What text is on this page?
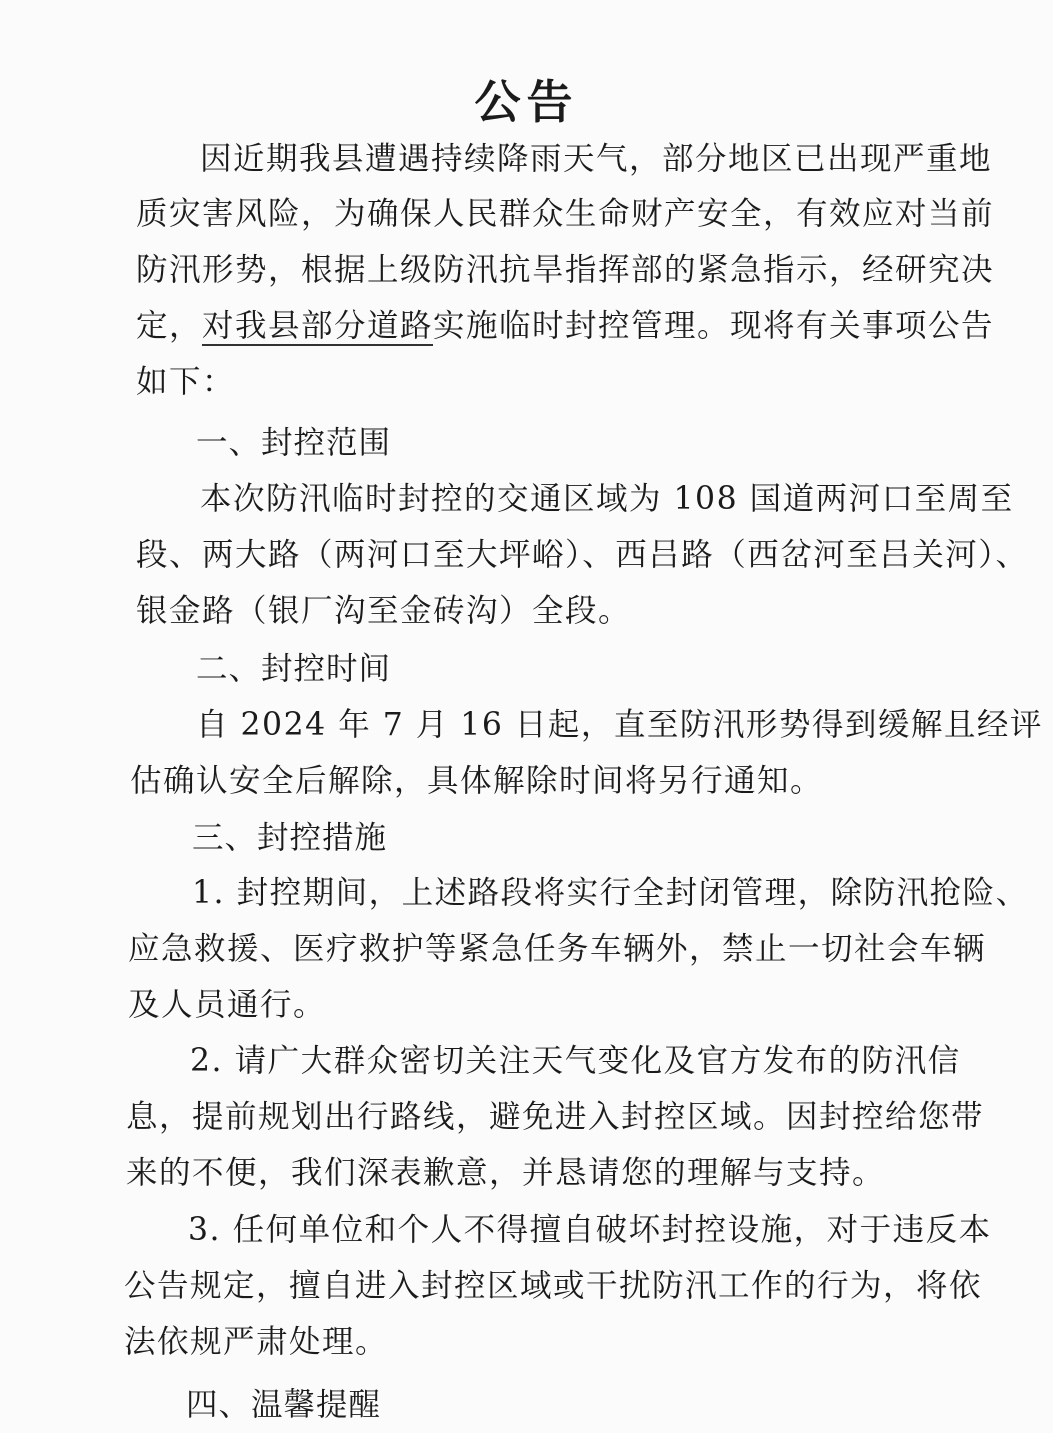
公告
因近期我县遭遇持续降雨天气，部分地区已出现严重地
质灾害风险，为确保人民群众生命财产安全，有效应对当前
防汛形势，根据上级防汛抗旱指挥部的紧急指示，经研究决
定，对我县部分道路实施临时封控管理。现将有关事项公告
如下：
一、封控范围
本次防汛临时封控的交通区域为 108 国道两河口至周至
段、两大路（两河口至大坪峪）、西吕路（西岔河至吕关河）、
银金路（银厂沟至金砖沟）全段。
二、封控时间
自 2024 年 7 月 16 日起，直至防汛形势得到缓解且经评
估确认安全后解除，具体解除时间将另行通知。
三、封控措施
1. 封控期间，上述路段将实行全封闭管理，除防汛抢险、
应急救援、医疗救护等紧急任务车辆外，禁止一切社会车辆
及人员通行。
2. 请广大群众密切关注天气变化及官方发布的防汛信
息，提前规划出行路线，避免进入封控区域。因封控给您带
来的不便，我们深表歉意，并恳请您的理解与支持。
3. 任何单位和个人不得擅自破坏封控设施，对于违反本
公告规定，擅自进入封控区域或干扰防汛工作的行为，将依
法依规严肃处理。
四、温馨提醒
